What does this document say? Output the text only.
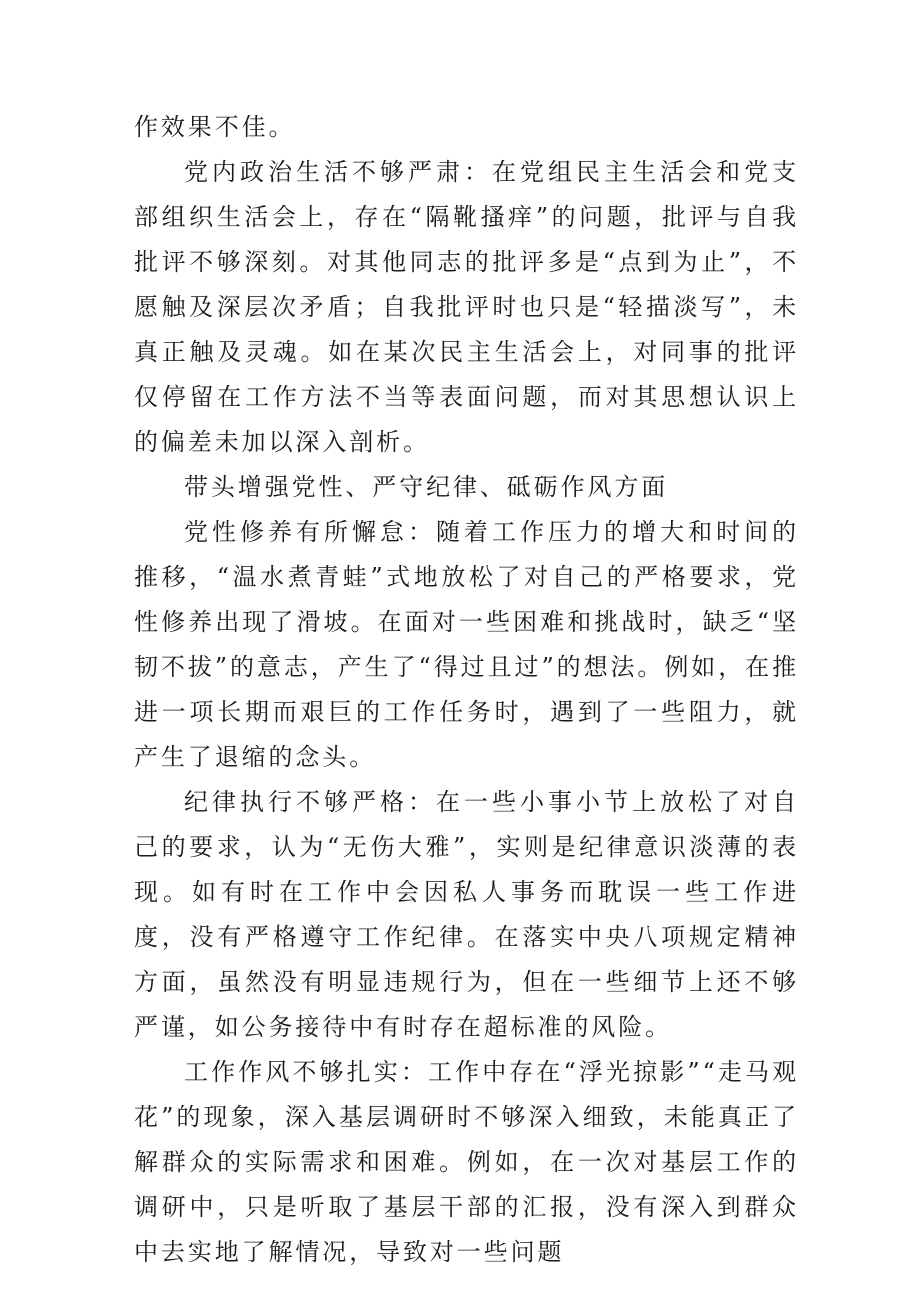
作效果不佳。

党内政治生活不够严肃：在党组民主生活会和党支部组织生活会上，存在“隔靴搔痒”的问题，批评与自我批评不够深刻。对其他同志的批评多是“点到为止”，不愿触及深层次矛盾；自我批评时也只是“轻描淡写”，未真正触及灵魂。如在某次民主生活会上，对同事的批评仅停留在工作方法不当等表面问题，而对其思想认识上的偏差未加以深入剖析。

带头增强党性、严守纪律、砥砺作风方面

党性修养有所懈怠：随着工作压力的增大和时间的推移，“温水煮青蛙”式地放松了对自己的严格要求，党性修养出现了滑坡。在面对一些困难和挑战时，缺乏“坚韧不拔”的意志，产生了“得过且过”的想法。例如，在推进一项长期而艰巨的工作任务时，遇到了一些阻力，就产生了退缩的念头。

纪律执行不够严格：在一些小事小节上放松了对自己的要求，认为“无伤大雅”，实则是纪律意识淡薄的表现。如有时在工作中会因私人事务而耽误一些工作进度，没有严格遵守工作纪律。在落实中央八项规定精神方面，虽然没有明显违规行为，但在一些细节上还不够严谨，如公务接待中有时存在超标准的风险。

工作作风不够扎实：工作中存在“浮光掠影”“走马观花”的现象，深入基层调研时不够深入细致，未能真正了解群众的实际需求和困难。例如，在一次对基层工作的调研中，只是听取了基层干部的汇报，没有深入到群众中去实地了解情况，导致对一些问题
